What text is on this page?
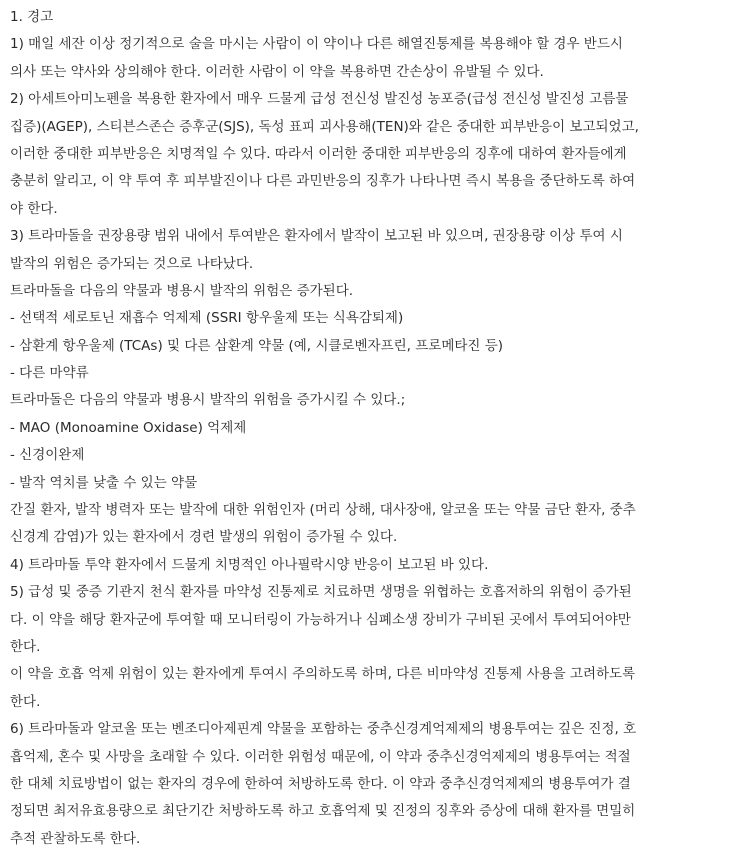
1. 경고
1) 매일 세잔 이상 정기적으로 술을 마시는 사람이 이 약이나 다른 해열진통제를 복용해야 할 경우 반드시
의사 또는 약사와 상의해야 한다. 이러한 사람이 이 약을 복용하면 간손상이 유발될 수 있다.
2) 아세트아미노펜을 복용한 환자에서 매우 드물게 급성 전신성 발진성 농포증(급성 전신성 발진성 고름물
집증)(AGEP), 스티븐스존슨 증후군(SJS), 독성 표피 괴사용해(TEN)와 같은 중대한 피부반응이 보고되었고,
이러한 중대한 피부반응은 치명적일 수 있다. 따라서 이러한 중대한 피부반응의 징후에 대하여 환자들에게
충분히 알리고, 이 약 투여 후 피부발진이나 다른 과민반응의 징후가 나타나면 즉시 복용을 중단하도록 하여
야 한다.
3) 트라마돌을 권장용량 범위 내에서 투여받은 환자에서 발작이 보고된 바 있으며, 권장용량 이상 투여 시
발작의 위험은 증가되는 것으로 나타났다.
트라마돌을 다음의 약물과 병용시 발작의 위험은 증가된다.
- 선택적 세로토닌 재흡수 억제제 (SSRI 항우울제 또는 식욕감퇴제)
- 삼환계 항우울제 (TCAs) 및 다른 삼환계 약물 (예, 시클로벤자프린, 프로메타진 등)
- 다른 마약류
트라마돌은 다음의 약물과 병용시 발작의 위험을 증가시킬 수 있다.;
- MAO (Monoamine Oxidase) 억제제
- 신경이완제
- 발작 역치를 낮출 수 있는 약물
간질 환자, 발작 병력자 또는 발작에 대한 위험인자 (머리 상해, 대사장애, 알코올 또는 약물 금단 환자, 중추
신경계 감염)가 있는 환자에서 경련 발생의 위험이 증가될 수 있다.
4) 트라마돌 투약 환자에서 드물게 치명적인 아나필락시양 반응이 보고된 바 있다.
5) 급성 및 중증 기관지 천식 환자를 마약성 진통제로 치료하면 생명을 위협하는 호흡저하의 위험이 증가된
다. 이 약을 해당 환자군에 투여할 때 모니터링이 가능하거나 심폐소생 장비가 구비된 곳에서 투여되어야만
한다.
이 약을 호흡 억제 위험이 있는 환자에게 투여시 주의하도록 하며, 다른 비마약성 진통제 사용을 고려하도록
한다.
6) 트라마돌과 알코올 또는 벤조디아제핀계 약물을 포함하는 중추신경계억제제의 병용투여는 깊은 진정, 호
흡억제, 혼수 및 사망을 초래할 수 있다. 이러한 위험성 때문에, 이 약과 중추신경억제제의 병용투여는 적절
한 대체 치료방법이 없는 환자의 경우에 한하여 처방하도록 한다. 이 약과 중추신경억제제의 병용투여가 결
정되면 최저유효용량으로 최단기간 처방하도록 하고 호흡억제 및 진정의 징후와 증상에 대해 환자를 면밀히
추적 관찰하도록 한다.
